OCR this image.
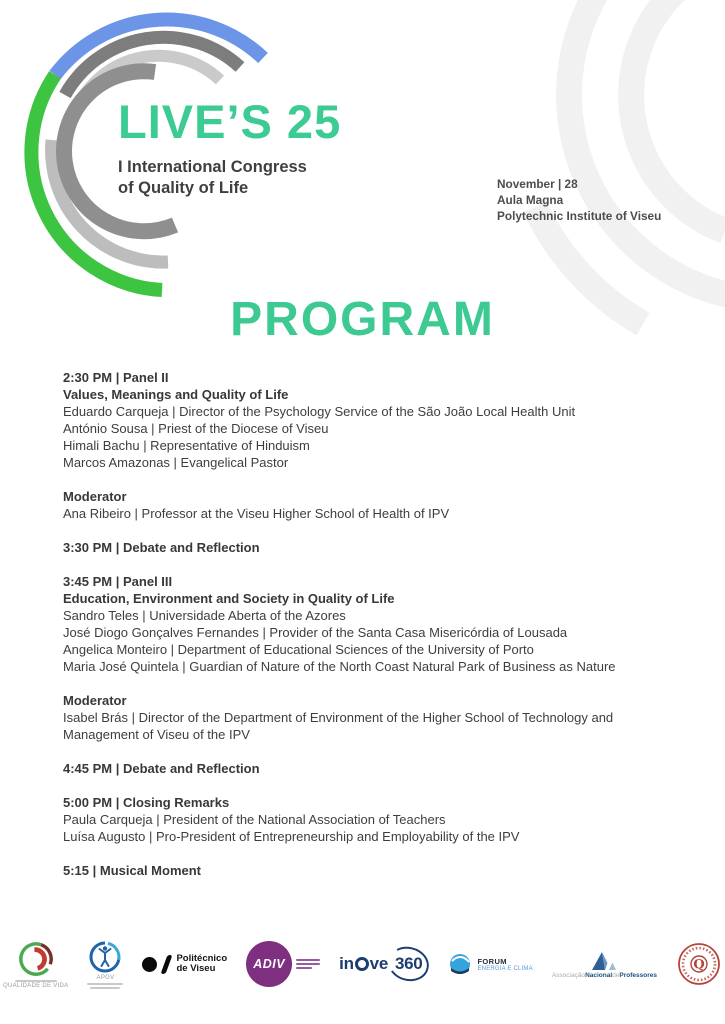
LIVE’S 25
I International Congress
of Quality of Life	November | 28
Aula Magna
Polytechnic Institute of Viseu
PROGRAM
2:30 PM | Panel II
Values, Meanings and Quality of Life
Eduardo Carqueja | Director of the Psychology Service of the São João Local Health Unit
António Sousa | Priest of the Diocese of Viseu
Himali Bachu | Representative of Hinduism
Marcos Amazonas | Evangelical Pastor
Moderator
Ana Ribeiro | Professor at the Viseu Higher School of Health of IPV
3:30 PM | Debate and Reflection
3:45 PM | Panel III
Education, Environment and Society in Quality of Life
Sandro Teles | Universidade Aberta of the Azores
José Diogo Gonçalves Fernandes | Provider of the Santa Casa Misericórdia of Lousada
Angelica Monteiro | Department of Educational Sciences of the University of Porto
Maria José Quintela | Guardian of Nature of the North Coast Natural Park of Business as Nature
Moderator
Isabel Brás | Director of the Department of Environment of the Higher School of Technology and Management of Viseu of the IPV
4:45 PM | Debate and Reflection
5:00 PM | Closing Remarks
Paula Carqueja | President of the National Association of Teachers
Luísa Augusto | Pro-President of Entrepreneurship and Employability of the IPV
5:15 | Musical Moment
QUALIDADE DE VIDA
APGV
Politécnico
de Viseu	ADIV	in ve 360	FORUM
ENERGIA E CLIMA
AssociaçãoNacionaldeProfessores
Q
